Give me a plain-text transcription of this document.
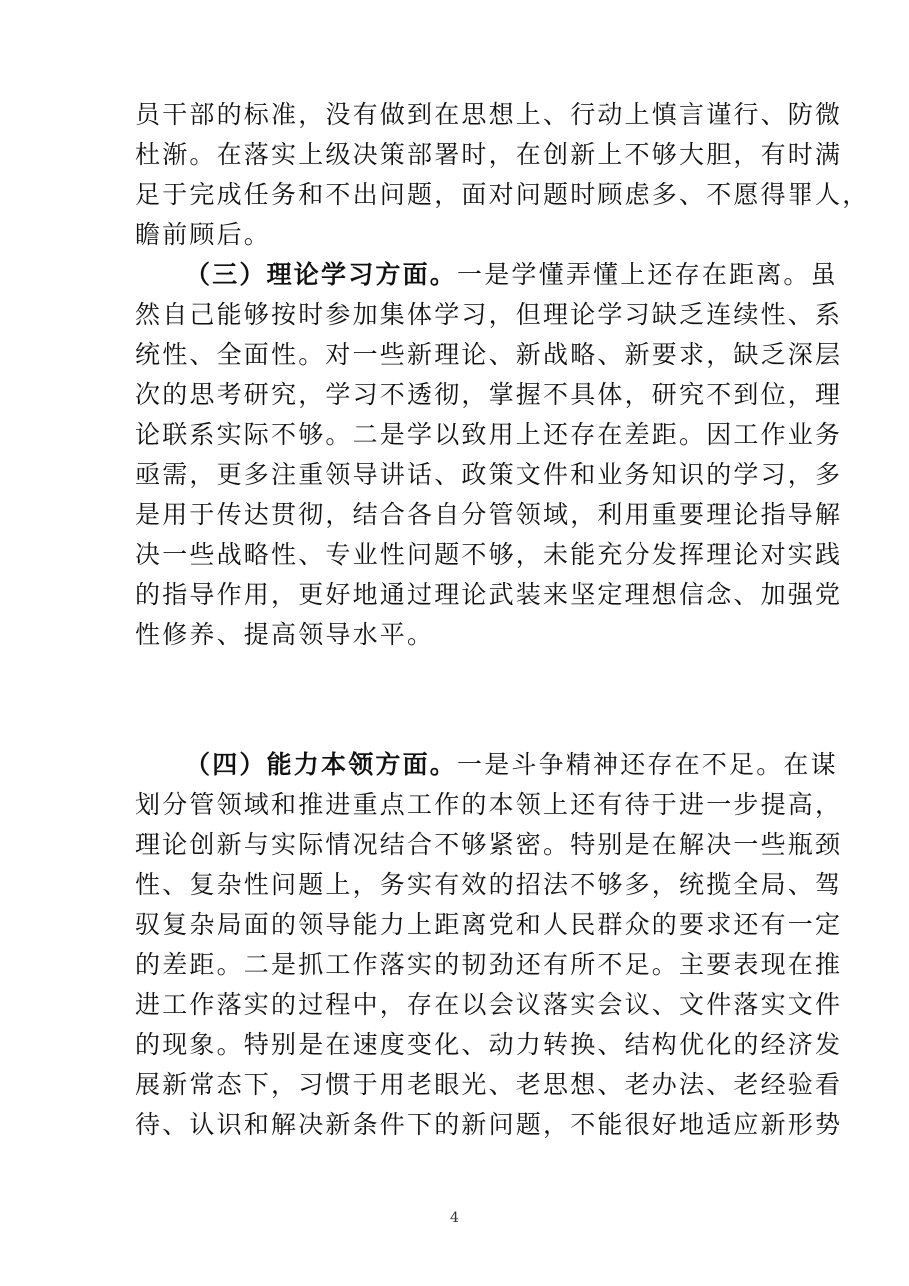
员干部的标准，没有做到在思想上、行动上慎言谨行、防微
杜渐。在落实上级决策部署时，在创新上不够大胆，有时满
足于完成任务和不出问题，面对问题时顾虑多、不愿得罪人，
瞻前顾后。
（三）理论学习方面。一是学懂弄懂上还存在距离。虽
然自己能够按时参加集体学习，但理论学习缺乏连续性、系
统性、全面性。对一些新理论、新战略、新要求，缺乏深层
次的思考研究，学习不透彻，掌握不具体，研究不到位，理
论联系实际不够。二是学以致用上还存在差距。因工作业务
亟需，更多注重领导讲话、政策文件和业务知识的学习，多
是用于传达贯彻，结合各自分管领域，利用重要理论指导解
决一些战略性、专业性问题不够，未能充分发挥理论对实践
的指导作用，更好地通过理论武装来坚定理想信念、加强党
性修养、提高领导水平。
（四）能力本领方面。一是斗争精神还存在不足。在谋
划分管领域和推进重点工作的本领上还有待于进一步提高，
理论创新与实际情况结合不够紧密。特别是在解决一些瓶颈
性、复杂性问题上，务实有效的招法不够多，统揽全局、驾
驭复杂局面的领导能力上距离党和人民群众的要求还有一定
的差距。二是抓工作落实的韧劲还有所不足。主要表现在推
进工作落实的过程中，存在以会议落实会议、文件落实文件
的现象。特别是在速度变化、动力转换、结构优化的经济发
展新常态下，习惯于用老眼光、老思想、老办法、老经验看
待、认识和解决新条件下的新问题，不能很好地适应新形势
4
